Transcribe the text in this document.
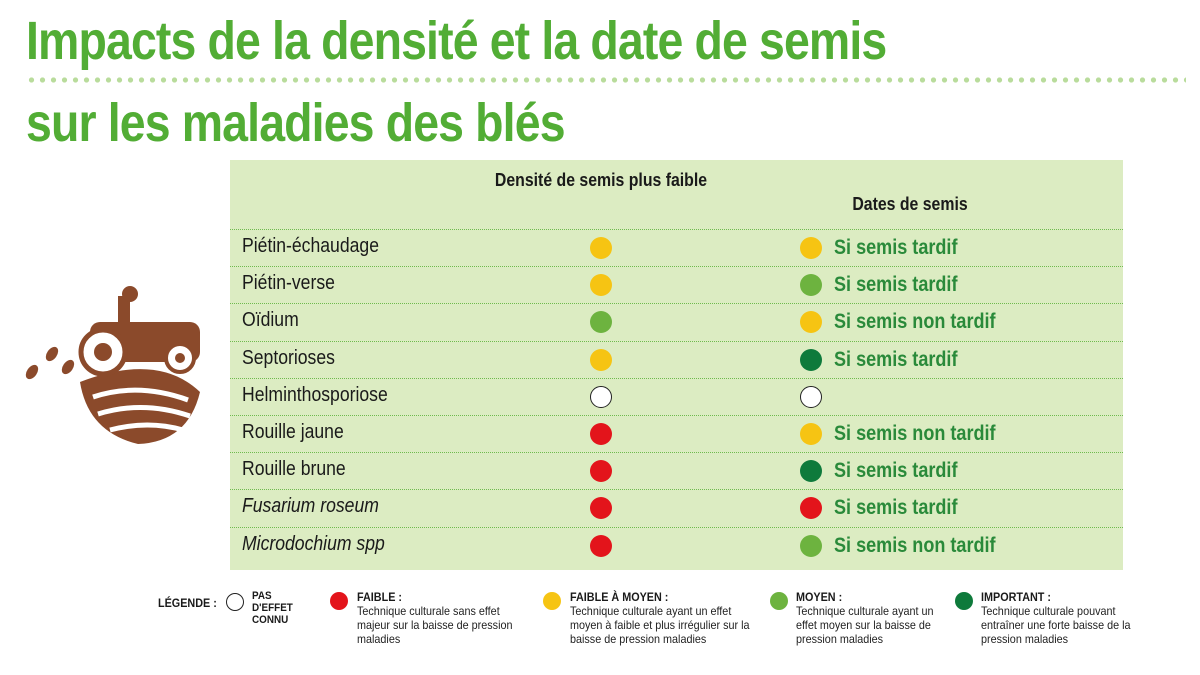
Impacts de la densité et la date de semis
sur les maladies des blés
Densité de semis plus faible
Dates de semis
Piétin-échaudage	Si semis tardif
Piétin-verse	Si semis tardif
Oïdium	Si semis non tardif
Septorioses	Si semis tardif
Helminthosporiose
Rouille jaune	Si semis non tardif
Rouille brune	Si semis tardif
Fusarium roseum	Si semis tardif
Microdochium spp	Si semis non tardif
LÉGENDE :	PAS D'EFFET CONNU
FAIBLE :
Technique culturale sans effet majeur sur la baisse de pression maladies
FAIBLE À MOYEN :
Technique culturale ayant un effet moyen à faible et plus irrégulier sur la baisse de pression maladies
MOYEN :
Technique culturale ayant un effet moyen sur la baisse de pression maladies
IMPORTANT :
Technique culturale pouvant entraîner une forte baisse de la pression maladies
